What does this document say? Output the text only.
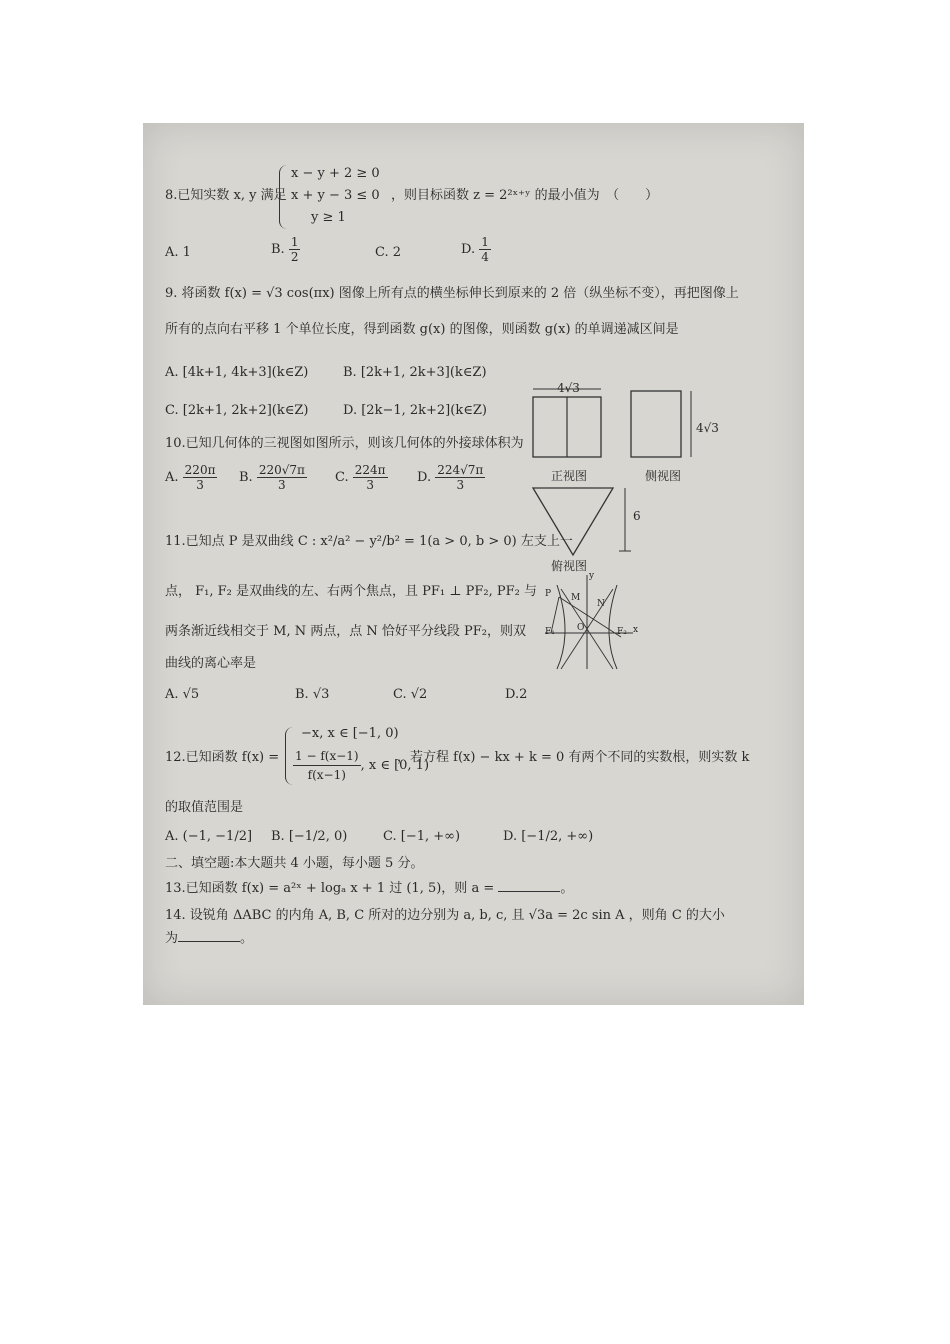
8.已知实数 x, y 满足
x − y + 2 ≥ 0
x + y − 3 ≤ 0
y ≥ 1
，则目标函数 z = 2²ˣ⁺ʸ 的最小值为　（　　）
A. 1	B. $\frac{1}{2}$	C. 2	D. $\frac{1}{4}$
9. 将函数 f(x) = √3 cos(πx) 图像上所有点的横坐标伸长到原来的 2 倍（纵坐标不变），再把图像上
所有的点向右平移 1 个单位长度，得到函数 g(x) 的图像，则函数 g(x) 的单调递减区间是
A. [4k+1, 4k+3](k∈Z)	B. [2k+1, 2k+3](k∈Z)
C. [2k+1, 2k+2](k∈Z)	D. [2k−1, 2k+2](k∈Z)
4√3
4√3
正视图	侧视图
6
俯视图
10.已知几何体的三视图如图所示，则该几何体的外接球体积为
A. $\frac{220\pi}{3} B$. $\frac{220√7\pi}{3} C$. $\frac{224\pi}{3} D$. $\frac{224√7\pi}{3}$
11.已知点 P 是双曲线 C : x²/a² − y²/b² = 1(a > 0, b > 0) 左支上一
点， F₁, F₂ 是双曲线的左、右两个焦点，且 PF₁ ⊥ PF₂, PF₂ 与
两条渐近线相交于 M, N 两点，点 N 恰好平分线段 PF₂，则双
曲线的离心率是
A. √5	B. √3	C. √2	D.2
y
x
P M
N
O
F₁	F₂
12.已知函数 f(x) =
−x, x ∈ [−1, 0)
$\frac{1 - f(x-1)}{f(x-1)}$ , x ∈ [0, 1)
，若方程 f(x) − kx + k = 0 有两个不同的实数根，则实数 k
的取值范围是
A. (−1, −1/2] B. [−1/2, 0)	C. [−1, +∞)	D. [−1/2, +∞)
二、填空题:本大题共 4 小题，每小题 5 分。
13.已知函数 f(x) = a²ˣ + logₐ x + 1 过 (1, 5)，则 a =	。
14. 设锐角 ΔABC 的内角 A, B, C 所对的边分别为 a, b, c, 且 √3a = 2c sin A ，则角 C 的大小
为	。
